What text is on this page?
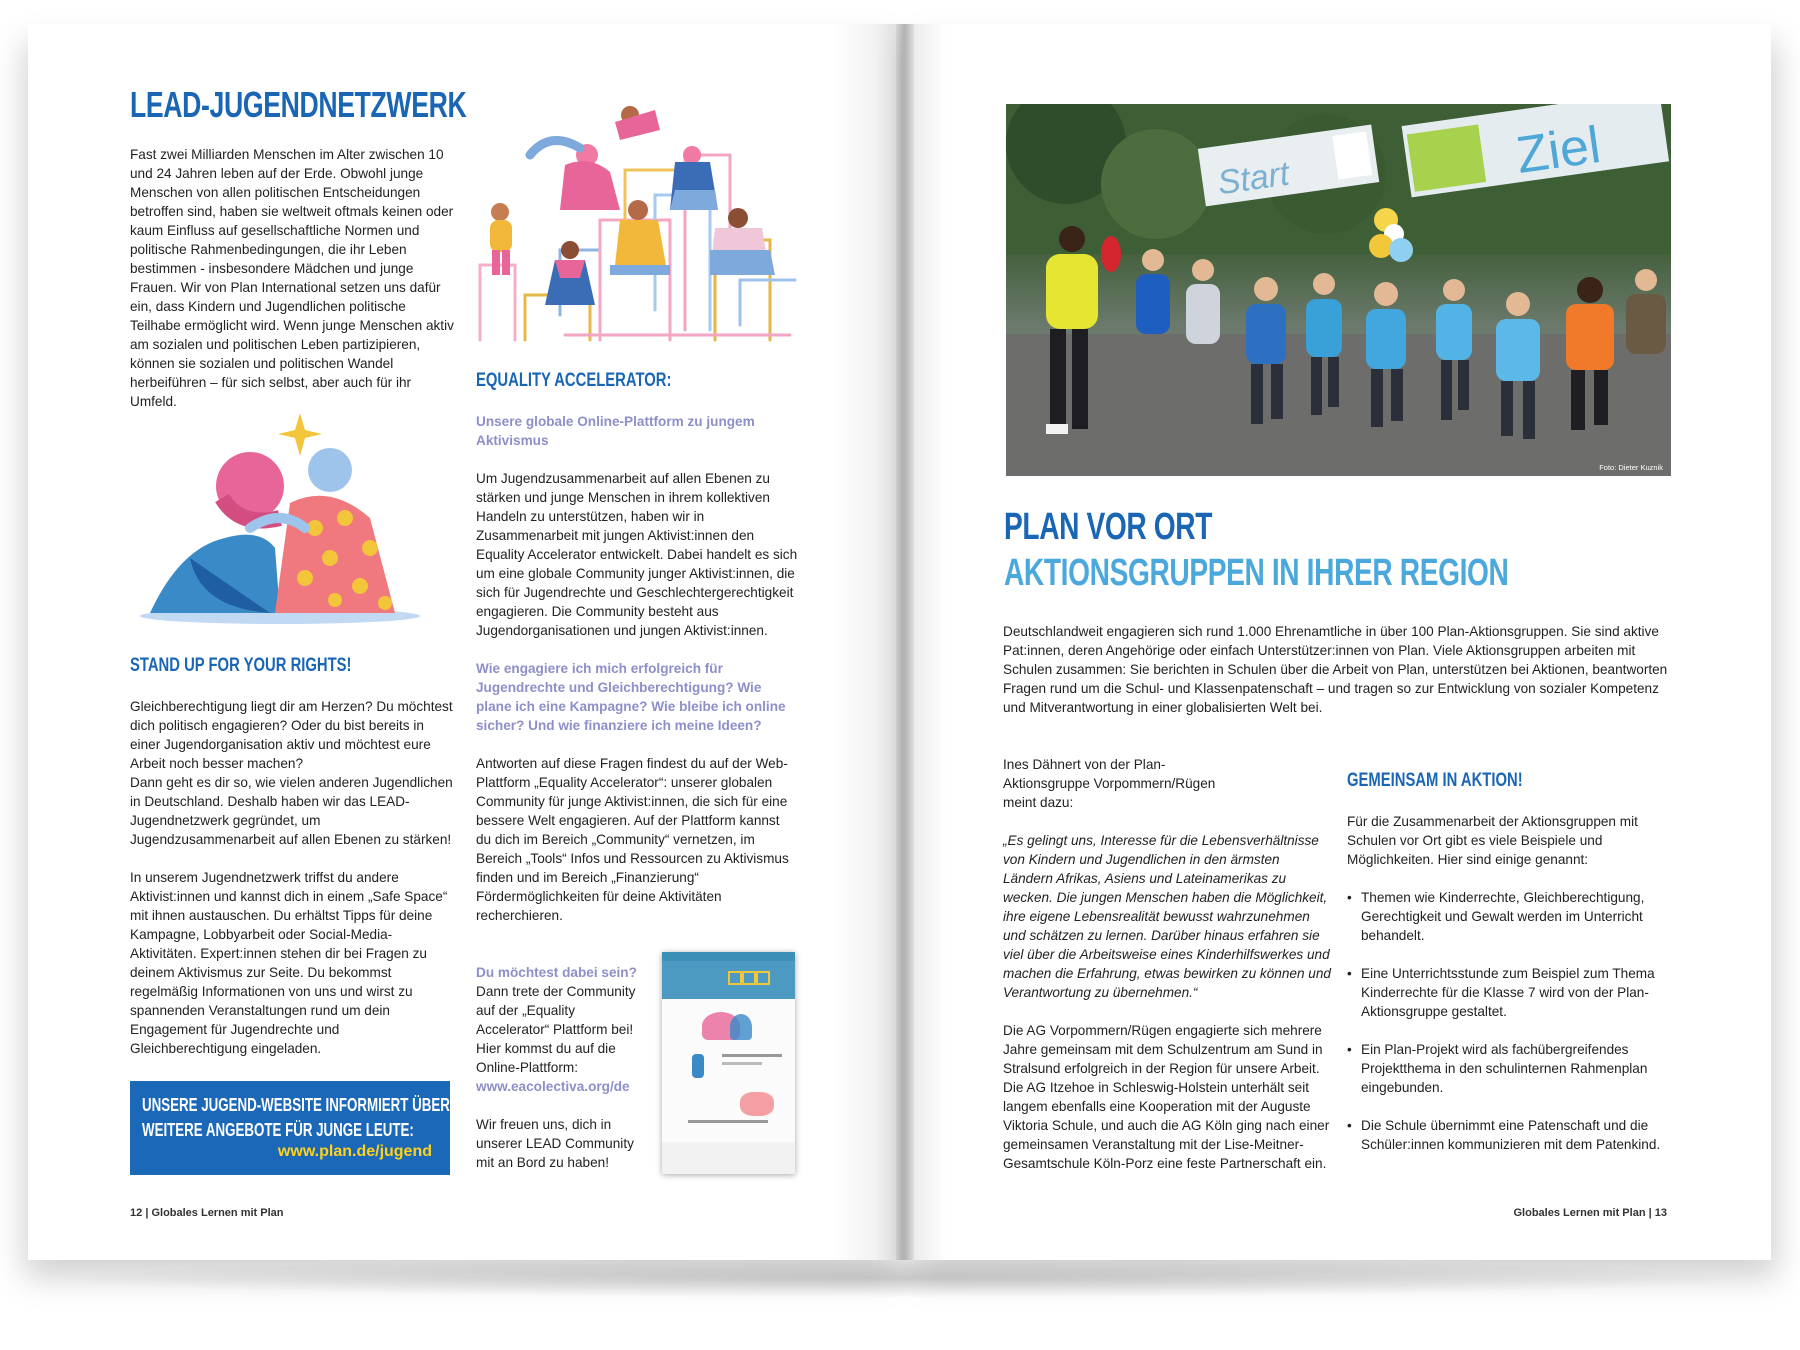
LEAD-JUGENDNETZWERK

Fast zwei Milliarden Menschen im Alter zwischen 10 und 24 Jahren leben auf der Erde. Obwohl junge Menschen von allen politischen Entscheidungen betroffen sind, haben sie weltweit oftmals keinen oder kaum Einfluss auf gesellschaftliche Normen und politische Rahmenbedingungen, die ihr Leben bestimmen - insbesondere Mädchen und junge Frauen. Wir von Plan International setzen uns dafür ein, dass Kindern und Jugendlichen politische Teilhabe ermöglicht wird. Wenn junge Menschen aktiv am sozialen und politischen Leben partizipieren, können sie sozialen und politischen Wandel herbeiführen – für sich selbst, aber auch für ihr Umfeld.

STAND UP FOR YOUR RIGHTS!

Gleichberechtigung liegt dir am Herzen? Du möchtest dich politisch engagieren? Oder du bist bereits in einer Jugendorganisation aktiv und möchtest eure Arbeit noch besser machen?

Dann geht es dir so, wie vielen anderen Jugendlichen in Deutschland. Deshalb haben wir das LEAD-Jugendnetzwerk gegründet, um Jugendzusammenarbeit auf allen Ebenen zu stärken!

In unserem Jugendnetzwerk triffst du andere Aktivist:innen und kannst dich in einem „Safe Space“ mit ihnen austauschen. Du erhältst Tipps für deine Kampagne, Lobbyarbeit oder Social-Media-Aktivitäten. Expert:innen stehen dir bei Fragen zu deinem Aktivismus zur Seite. Du bekommst regelmäßig Informationen von uns und wirst zu spannenden Veranstaltungen rund um dein Engagement für Jugendrechte und Gleichberechtigung eingeladen.

UNSERE JUGEND-WEBSITE INFORMIERT ÜBER
WEITERE ANGEBOTE FÜR JUNGE LEUTE:
www.plan.de/jugend
EQUALITY ACCELERATOR:
Unsere globale Online-Plattform zu jungem Aktivismus
Um Jugendzusammenarbeit auf allen Ebenen zu stärken und junge Menschen in ihrem kollektiven Handeln zu unterstützen, haben wir in Zusammenarbeit mit jungen Aktivist:innen den Equality Accelerator entwickelt. Dabei handelt es sich um eine globale Community junger Aktivist:innen, die sich für Jugendrechte und Geschlechtergerechtigkeit engagieren. Die Community besteht aus Jugendorganisationen und jungen Aktivist:innen.
Wie engagiere ich mich erfolgreich für Jugendrechte und Gleichberechtigung? Wie plane ich eine Kampagne? Wie bleibe ich online sicher? Und wie finanziere ich meine Ideen?
Antworten auf diese Fragen findest du auf der Web-Plattform „Equality Accelerator“: unserer globalen Community für junge Aktivist:innen, die sich für eine bessere Welt engagieren. Auf der Plattform kannst du dich im Bereich „Community“ vernetzen, im Bereich „Tools“ Infos und Ressourcen zu Aktivismus finden und im Bereich „Finanzierung“ Fördermöglichkeiten für deine Aktivitäten recherchieren.
Du möchtest dabei sein?
Dann trete der Community auf der „Equality Accelerator“ Plattform bei! Hier kommst du auf die Online-Plattform:
www.eacolectiva.org/de
Wir freuen uns, dich in unserer LEAD Community mit an Bord zu haben!
12 | Globales Lernen mit Plan
Start	Ziel
Foto: Dieter Kuznik
PLAN VOR ORT
AKTIONSGRUPPEN IN IHRER REGION
Deutschlandweit engagieren sich rund 1.000 Ehrenamtliche in über 100 Plan-Aktionsgruppen. Sie sind aktive Pat:innen, deren Angehörige oder einfach Unterstützer:innen von Plan. Viele Aktionsgruppen arbeiten mit Schulen zusammen: Sie berichten in Schulen über die Arbeit von Plan, unterstützen bei Aktionen, beantworten Fragen rund um die Schul- und Klassenpatenschaft – und tragen so zur Entwicklung von sozialer Kompetenz und Mitverantwortung in einer globalisierten Welt bei.
Ines Dähnert von der Plan-Aktionsgruppe Vorpommern/Rügen meint dazu:
„Es gelingt uns, Interesse für die Lebensverhältnisse von Kindern und Jugendlichen in den ärmsten Ländern Afrikas, Asiens und Lateinamerikas zu wecken. Die jungen Menschen haben die Möglichkeit, ihre eigene Lebensrealität bewusst wahrzunehmen und schätzen zu lernen. Darüber hinaus erfahren sie viel über die Arbeitsweise eines Kinderhilfswerkes und machen die Erfahrung, etwas bewirken zu können und Verantwortung zu übernehmen.“
Die AG Vorpommern/Rügen engagierte sich mehrere Jahre gemeinsam mit dem Schulzentrum am Sund in Stralsund erfolgreich in der Region für unsere Arbeit. Die AG Itzehoe in Schleswig-Holstein unterhält seit langem ebenfalls eine Kooperation mit der Auguste Viktoria Schule, und auch die AG Köln ging nach einer gemeinsamen Veranstaltung mit der Lise-Meitner-Gesamtschule Köln-Porz eine feste Partnerschaft ein.
GEMEINSAM IN AKTION!
Für die Zusammenarbeit der Aktionsgruppen mit Schulen vor Ort gibt es viele Beispiele und Möglichkeiten. Hier sind einige genannt:
• Themen wie Kinderrechte, Gleichberechtigung, Gerechtigkeit und Gewalt werden im Unterricht behandelt.
• Eine Unterrichtsstunde zum Beispiel zum Thema Kinderrechte für die Klasse 7 wird von der Plan-Aktionsgruppe gestaltet.
• Ein Plan-Projekt wird als fachübergreifendes Projektthema in den schulinternen Rahmenplan eingebunden.
• Die Schule übernimmt eine Patenschaft und die Schüler:innen kommunizieren mit dem Patenkind.
Globales Lernen mit Plan | 13
